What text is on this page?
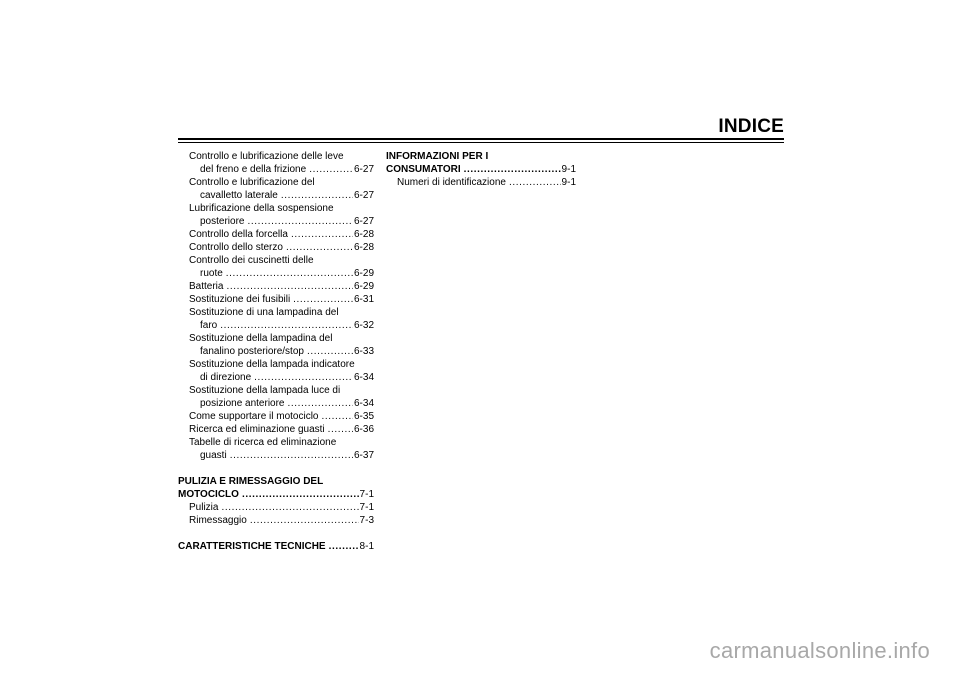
INDICE
Controllo e lubrificazione delle leve
del freno e della frizione .....	6-27
Controllo e lubrificazione del
cavalletto laterale .....	6-27
Lubrificazione della sospensione
posteriore .....	6-27
Controllo della forcella .....	6-28
Controllo dello sterzo .....	6-28
Controllo dei cuscinetti delle
ruote .....	6-29
Batteria .....	6-29
Sostituzione dei fusibili .....	6-31
Sostituzione di una lampadina del
faro .....	6-32
Sostituzione della lampadina del
fanalino posteriore/stop .....	6-33
Sostituzione della lampada indicatore
di direzione .....	6-34
Sostituzione della lampada luce di
posizione anteriore .....	6-34
Come supportare il motociclo .....	6-35
Ricerca ed eliminazione guasti .....	6-36
Tabelle di ricerca ed eliminazione
guasti .....	6-37
PULIZIA E RIMESSAGGIO DEL
MOTOCICLO .....	7-1
Pulizia .....	7-1
Rimessaggio .....	7-3
CARATTERISTICHE TECNICHE .....	8-1
INFORMAZIONI PER I
CONSUMATORI .....	9-1
Numeri di identificazione .....	9-1
carmanualsonline.info
